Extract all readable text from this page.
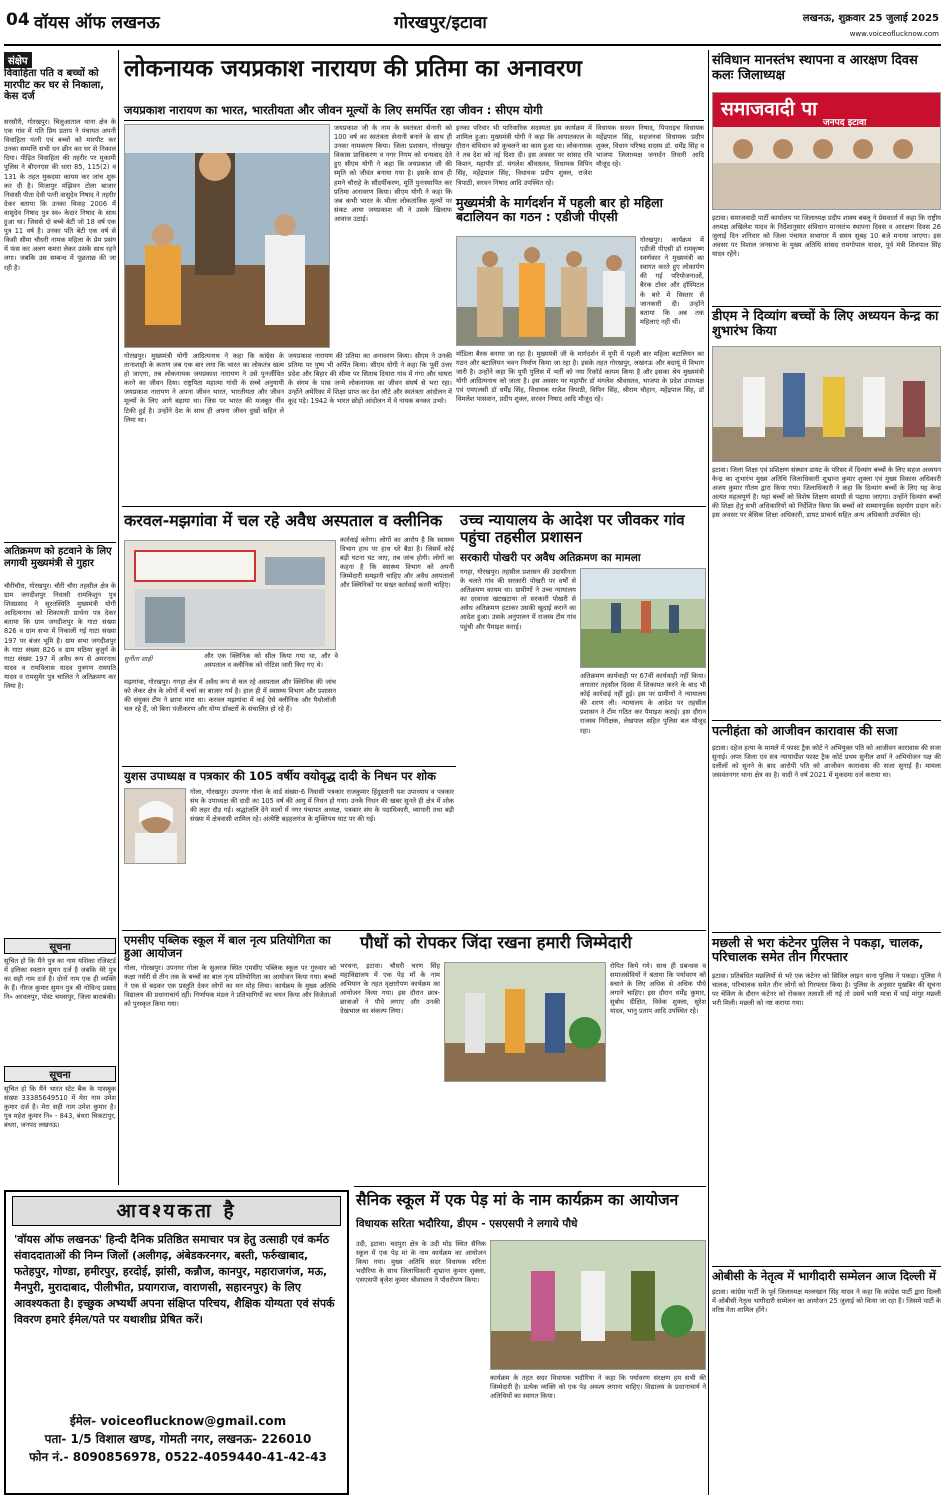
04 वॉयस ऑफ लखनऊ	गोरखपुर/इटावा	लखनऊ, शुक्रवार 25 जुलाई 2025
www.voiceoflucknow.com
संक्षेप
विवाहिता पति व बच्चों को मारपीट कर घर से निकाला, केस दर्ज
सरसौरी, गोरखपुर। चिलुआताल थाना क्षेत्र के एक गांव में पति प्रिय प्रताप ने पंचायत अपनी विवाहिता पत्नी एवं बच्चों को मारपीट कर उनका सम्पत्ति सभी धन छीन कर घर से निकाल दिया। पीड़ित विवाहिता की तहरीर पर मुकामी पुलिस ने बीएनएस की धारा 85, 115(2) व 131 के तहत मुकदमा कायम कर जांच शुरू कर दी है। मिजापुर मंझिवन टोला बाजार निवासी पीता देवी पत्नी वासुदेव निषाद ने तहरीर देकर बताया कि उनका विवाह 2006 में वासुदेव निषाद पुत्र स्व० केदार निषाद के साथ हुआ था। जिससे दो बच्चे बेटी जो 18 वर्ष एक पुत्र 11 वर्ष है। उनका पति बेटी एक वर्ष से किसी सीमा चौधरी नामक महिला के प्रेम प्रसंग में फंस कर अलग कमरा लेकर उसके साथ रहने लगा। जबकि उस सम्बन्ध में पूछताछ की जा रही है।
अतिक्रमण को हटवाने के लिए लगायी मुख्यमंत्री से गुहार
चौरीचौरा, गोरखपुर। चौरी चौरा तहसील क्षेत्र के ग्राम जगदीशपुर निवासी रामकिशुन पुत्र शिवप्रसाद ने सूरतस्थिति मुख्यमंत्री योगी आदित्यनाथ को शिकायती प्रार्थना पत्र देकर बताया कि ग्राम जगदीशपुर के गाटा संख्या 826 व ग्राम सभा में निकाली गई गाटा संख्या 197 पर बंजर भूमि है। ग्राम सभा जगदीशपुर के गाटा संख्या 826 व ग्राम मठिया बुजुर्ग के गाटा संख्या 197 में अवैध रूप से अमरनाथ यादव व रामविलास यादव पुत्रगण रामपति यादव व रामसुमेर पुत्र चालित ने अतिक्रमण कर लिया है।
सूचना
सूचित हो कि मैंने पुत्र का नाम यशिका रजिस्टर्ड में इलिका स्वतान सुमन दर्ज है जबकि मेरे पुत्र का सही नाम दर्ज है। दोनों नाम एक ही व्यक्ति के हैं। नीरज कुमार सुमन पुत्र श्री गोविन्द प्रसाद नि० अरवलपुर, पोस्ट चमसपुर, जिला बाराबंकी।
सूचना
सूचित हो कि मैंने भारत स्टेट बैंक के पासबुक संख्या 33385649510 में मेरा नाम उमेश कुमार दर्ज है। मेरा सही नाम उमेश कुमार है। पुत्र महेश कुमार नि० - 843, बंथरा चिकटापुर, बंथरा, जनपद लखनऊ।
लोकनायक जयप्रकाश नारायण की प्रतिमा का अनावरण
जयप्रकाश नारायण का भारत, भारतीयता और जीवन मूल्यों के लिए समर्पित रहा जीवन : सीएम योगी
जयप्रकाश जी के नाम के स्वतंत्रता सेनानी को 100 वर्ष का स्वतंत्रता सेनानी बनाने के साथ ही उनका नामकरण किया। जिला प्रशासन, गोरखपुर विकास प्राधिकरण व नगर निगम को धन्यवाद देते हुए सीएम योगी ने कहा कि जयप्रकाश जी की स्मृति को जीवंत बनाया गया है। इसके साथ ही हमने चौराहे के सौंदर्यीकरण, मूर्ति पुनःस्थापित कर प्रतिमा अनावरण किया। सीएम योगी ने कहा कि जब कभी भारत के भीतर लोकतांत्रिक मूल्यों पर संकट आया जयप्रकाश जी ने उसके खिलाफ आवाज उठाई।
गोरखपुर। मुख्यमंत्री योगी आदित्यनाथ ने कहा कि कांग्रेस के तानाशाही के कारण जब एक बार लगा कि भारत का लोकतंत्र खत्म हो जाएगा, तब लोकनायक जयप्रकाश नारायण ने उसे पुनर्जीवित करने का जीवन दिया। राष्ट्रपिता महात्मा गांधी के सच्चे अनुयायी जयप्रकाश नारायण ने अपना जीवन भारत, भारतीयता और जीवन मूल्यों के लिए आगे बढ़ाया था। जिस पर भारत की मजबूत नींव टिकी हुई है। उन्होंने देश के साथ ही अपना जीवन दुखों सहित ले लिया था।
जयप्रकाश नारायण की प्रतिमा का अनावरण किया। सीएम ने उनकी प्रतिमा पर पुष्प भी अर्पित किया। सीएम योगी ने कहा कि पूर्वी उत्तर प्रदेश और बिहार की सीमा पर सिताब दियारा गांव में गंगा और घाघरा के संगम के पास जन्मे लोकनायक का जीवन संघर्ष से भरा रहा। उन्होंने अमेरिका में शिक्षा प्राप्त कर देश लौटे और स्वतंत्रता आंदोलन में कूद पड़े। 1942 के भारत छोड़ो आंदोलन में वे नायक बनकर उभरे।
इनका परिवार भी पारिवारिक सदस्यता इस कार्यक्रम में शामिल हुआ। मुख्यमंत्री योगी ने कहा कि आपातकाल के दौरान संविधान को कुचलने का काम हुआ था। लोकनायक ने तब देश को नई दिशा दी। इस अवसर पर सांसद रवि किशन, महापौर डॉ. मंगलेश श्रीवास्तव, विधायक विपिन सिंह, महेंद्रपाल सिंह, विधायक प्रदीप शुक्ल, राजेश त्रिपाठी, सरवन निषाद आदि उपस्थित रहे।
विधायक सरवन निषाद, पिपराइच विधायक महेंद्रपाल सिंह, सहजनवां विधायक प्रदीप शुक्ल, विधान परिषद सदस्य डॉ. धर्मेंद्र सिंह व भाजपा जिलाध्यक्ष जनार्दन तिवारी आदि मौजूद रहे।
मुख्यमंत्री के मार्गदर्शन में पहली बार हो महिला बटालियन का गठन : एडीजी पीएसी
गोरखपुर। कार्यक्रम में एडीजी पीएसी डॉ रामकृष्ण स्वर्णकार ने मुख्यमंत्री का स्वागत करते हुए लोकार्पण की गई परियोजनाओं, बैरक टॉवर और हॉस्पिटल के बारे में विस्तार से जानकारी दी। उन्होंने बताया कि अब तक महिलाएं नहीं थीं।
मॉडिला बैरक बनाया जा रहा है। मुख्यमंत्री जी के मार्गदर्शन में यूपी में पहली बार महिला बटालियन का गठन और बटालियन भवन निर्माण किया जा रहा है। इसके तहत गोरखपुर, लखनऊ और बदायूं में विभाग जारी है। उन्होंने कहा कि यूपी पुलिस में भर्ती को नया रिकॉर्ड कायम किया है और इसका श्रेय मुख्यमंत्री योगी आदित्यनाथ को जाता है। इस अवसर पर महापौर डॉ मंगलेश श्रीवास्तव, भाजपा के प्रदेश उपाध्यक्ष एवं एमएलसी डॉ धर्मेंद्र सिंह, विधायक राजेश त्रिपाठी, विपिन सिंह, श्रीराम चौहान, महेंद्रपाल सिंह, डॉ विमलेश पासवान, प्रदीप शुक्ल, सरवन निषाद आदि मौजूद रहे।
करवल-मझगांवा में चल रहे अवैध अस्पताल व क्लीनिक
सुनीता शाही	और एक क्लिनिक को सील किया गया था, और वे अस्पताल व क्लीनिक को नोटिस जारी किए गए थे।
कार्रवाई करेगा। लोगों का आरोप है कि स्वास्थ्य विभाग हाथ पर हाथ धरे बैठा है। जिसमें कोई बड़ी घटना घट जाए, तब जांच होगी। लोगों का कहना है कि स्वास्थ्य विभाग को अपनी जिम्मेदारी समझनी चाहिए और अवैध अस्पतालों और क्लिनिकों पर सख्त कार्रवाई करनी चाहिए।
मझगांवा, गोरखपुर। गगहा क्षेत्र में अवैध रूप से चल रहे अस्पताल और क्लिनिक की जांच को लेकर क्षेत्र के लोगों में चर्चा का बाजार गर्म है। हाल ही में स्वास्थ्य विभाग और प्रशासन की संयुक्त टीम ने छापा मारा था। करवल मझगांवा में कई ऐसे क्लीनिक और पैथोलॉजी चल रहे हैं, जो बिना पंजीकरण और योग्य डॉक्टरों के संचालित हो रहे हैं।
युशस उपाध्यक्ष व पत्रकार की 105 वर्षीय वयोवृद्ध दादी के निधन पर शोक
गोला, गोरखपुर। उपनगर गोला के वार्ड संख्या-6 निवासी पत्रकार राजकुमार हिंदुस्तानी यश उपाध्याय व पत्रकार संघ के उपाध्यक्ष की दादी का 105 वर्ष की आयु में निधन हो गया। उनके निधन की खबर सुनते ही क्षेत्र में शोक की लहर दौड़ गई। श्रद्धांजलि देने वालों में नगर पंचायत अध्यक्ष, पत्रकार संघ के पदाधिकारी, व्यापारी तथा बड़ी संख्या में क्षेत्रवासी शामिल रहे। अंत्येष्टि बड़हलगंज के मुक्तिपथ घाट पर की गई।
उच्च न्यायालय के आदेश पर जीवकर गांव पहुंचा तहसील प्रशासन
सरकारी पोखरी पर अवैध अतिक्रमण का मामला
गगहा, गोरखपुर। तहसील प्रशासन की उदासीनता के चलते गांव की सरकारी पोखरी पर वर्षों से अतिक्रमण कायम था। ग्रामीणों ने उच्च न्यायालय का दरवाजा खटखटाया तो सरकारी पोखरी से अवैध अतिक्रमण हटाकर उसकी खुदाई कराने का आदेश हुआ। उसके अनुपालन में राजस्व टीम गांव पहुंची और पैमाइश कराई।
अतिक्रमण कार्यवाही पर 67वीं कार्यवाही नहीं किया। लगातार तहसील दिवस में शिकायत करने के बाद भी कोई कार्रवाई नहीं हुई। इस पर ग्रामीणों ने न्यायालय की शरण ली। न्यायालय के आदेश पर तहसील प्रशासन ने टीम गठित कर पैमाइश कराई। इस दौरान राजस्व निरीक्षक, लेखपाल सहित पुलिस बल मौजूद रहा।
एमसीए पब्लिक स्कूल में बाल नृत्य प्रतियोगिता का हुआ आयोजन
गोला, गोरखपुर। उपनगर गोला के सुअरज स्थित एमसीए पब्लिक स्कूल पर गुरुवार को कक्षा नर्सरी से तीन तक के बच्चों का बाल नृत्य प्रतियोगिता का आयोजन किया गया। बच्चों ने एक से बढ़कर एक प्रस्तुति देकर लोगों का मन मोह लिया। कार्यक्रम के मुख्य अतिथि विद्यालय की प्रधानाचार्य रहीं। निर्णायक मंडल ने प्रतिभागियों का चयन किया और विजेताओं को पुरस्कृत किया गया।
पौधों को रोपकर जिंदा रखना हमारी जिम्मेदारी
भरथना, इटावा। चौधरी चरण सिंह महाविद्यालय में एक पेड़ माँ के नाम अभियान के तहत वृक्षारोपण कार्यक्रम का आयोजन किया गया। इस दौरान छात्र-छात्राओं ने पौधे लगाए और उनकी देखभाल का संकल्प लिया।
रोपित किये गये। साथ ही प्रबन्धक व समाजसेवियों ने बताया कि पर्यावरण को बचाने के लिए अधिक से अधिक पौधे लगाने चाहिए। इस दौरान धर्मेंद्र कुमार, सुबोध दीक्षित, विवेक शुक्ला, सुरेश यादव, भानु प्रताप आदि उपस्थित रहे।
सैनिक स्कूल में एक पेड़ मां के नाम कार्यक्रम का आयोजन
विधायक सरिता भदौरिया, डीएम - एसएसपी ने लगाये पौधे
उदी, इटावा। चदपुरा क्षेत्र के उदी मोड़ स्थित सैनिक स्कूल में एक पेड़ मां के नाम कार्यक्रम का आयोजन किया गया। मुख्य अतिथि सदर विधायक सरिता भदौरिया के साथ जिलाधिकारी शुभ्रान्त कुमार शुक्ला, एसएसपी बृजेश कुमार श्रीवास्तव ने पौधरोपण किया।
कार्यक्रम के तहत सदर विधायक भदौरिया ने कहा कि पर्यावरण संरक्षण हम सभी की जिम्मेदारी है। प्रत्येक व्यक्ति को एक पेड़ अवश्य लगाना चाहिए। विद्यालय के प्रधानाचार्य ने अतिथियों का स्वागत किया।
आवश्यकता है
'वॉयस ऑफ लखनऊ' हिन्दी दैनिक प्रतिष्ठित समाचार पत्र हेतु उत्साही एवं कर्मठ संवाददाताओं की निम्न जिलों (अलीगढ़, अंबेडकरनगर, बस्ती, फर्रुखाबाद, फतेहपुर, गोण्डा, हमीरपुर, हरदोई, झांसी, कन्नौज, कानपुर, महाराजगंज, मऊ, मैनपुरी, मुरादाबाद, पीलीभीत, प्रयागराज, वाराणसी, सहारनपुर) के लिए आवश्यकता है। इच्छुक अभ्यर्थी अपना संक्षिप्त परिचय, शैक्षिक योग्यता एवं संपर्क विवरण हमारे ईमेल/पते पर यथाशीघ्र प्रेषित करें।
ईमेल- voiceoflucknow@gmail.com
पता- 1/5 विशाल खण्ड, गोमती नगर, लखनऊ- 226010
फोन नं.- 8090856978, 0522-4059440-41-42-43
संविधान मानस्तंभ स्थापना व आरक्षण दिवस कलः जिलाध्यक्ष
समाजवादी पा
जनपद इटावा
इटावा। समाजवादी पार्टी कार्यालय पर जिलाध्यक्ष प्रदीप शाक्य बबलू ने प्रेसवार्ता में कहा कि राष्ट्रीय अध्यक्ष अखिलेश यादव के निर्देशानुसार संविधान मानस्तंभ स्थापना दिवस व आरक्षण दिवस 26 जुलाई दिन शनिवार को जिला पंचायत सभागार में समय सुबह 10 बजे मनाया जाएगा। इस अवसर पर विशाल जनसभा के मुख्य अतिथि सांसद रामगोपाल यादव, पूर्व मंत्री शिवपाल सिंह यादव रहेंगे।
डीएम ने दिव्यांग बच्चों के लिए अध्ययन केन्द्र का शुभारंभ किया
इटावा। जिला शिक्षा एवं प्रशिक्षण संस्थान डायट के परिसर में दिव्यांग बच्चों के लिए सहज अध्ययन केन्द्र का शुभारंभ मुख्य अतिथि जिलाधिकारी शुभ्रान्त कुमार शुक्ला एवं मुख्य विकास अधिकारी अजय कुमार गौतम द्वारा किया गया। जिलाधिकारी ने कहा कि दिव्यांग बच्चों के लिए यह केन्द्र अत्यंत महत्वपूर्ण है। यहां बच्चों को विशेष शिक्षण सामग्री से पढ़ाया जाएगा। उन्होंने दिव्यांग बच्चों की शिक्षा हेतु सभी अधिकारियों को निर्देशित किया कि बच्चों को सम्मानपूर्वक सहयोग प्रदान करें। इस अवसर पर बेसिक शिक्षा अधिकारी, डायट प्राचार्य सहित अन्य अधिकारी उपस्थित रहे।
पत्नीहंता को आजीवन कारावास की सजा
इटावा। दहेज हत्या के मामले में फास्ट ट्रैक कोर्ट ने अभियुक्त पति को आजीवन कारावास की सजा सुनाई। अपर जिला एवं सत्र न्यायाधीश फास्ट ट्रैक कोर्ट प्रथम सुनील शर्मा ने अभियोजन पक्ष की दलीलों को सुनने के बाद आरोपी पति को आजीवन कारावास की सजा सुनाई है। मामला जसवंतनगर थाना क्षेत्र का है। वादी ने वर्ष 2021 में मुकदमा दर्ज कराया था।
मछली से भरा कंटेनर पुलिस ने पकड़ा, चालक, परिचालक समेत तीन गिरफ्तार
इटावा। प्रतिबंधित मछलियों से भरे एक कंटेनर को सिविल लाइन थाना पुलिस ने पकड़ा। पुलिस ने चालक, परिचालक समेत तीन लोगों को गिरफ्तार किया है। पुलिस के अनुसार मुखबिर की सूचना पर चेकिंग के दौरान कंटेनर को रोककर तलाशी ली गई तो उसमें भारी मात्रा में थाई मांगुर मछली भरी मिली। मछली को नष्ट कराया गया।
ओबीसी के नेतृत्व में भागीदारी सम्मेलन आज दिल्ली में
इटावा। कांग्रेस पार्टी के पूर्व जिलाध्यक्ष मल्लखान सिंह यादव ने कहा कि कांग्रेस पार्टी द्वारा दिल्ली में ओबीसी नेतृत्व भागीदारी सम्मेलन का आयोजन 25 जुलाई को किया जा रहा है। जिसमें पार्टी के वरिष्ठ नेता शामिल होंगे।
